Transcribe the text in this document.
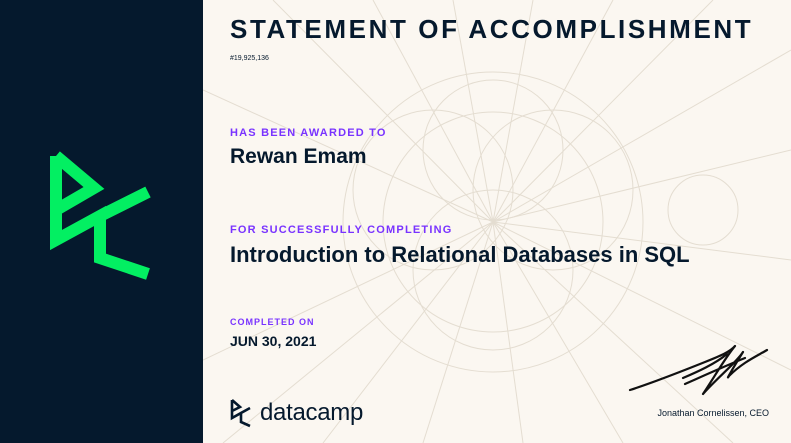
STATEMENT OF ACCOMPLISHMENT
#19,925,136
HAS BEEN AWARDED TO
Rewan Emam
FOR SUCCESSFULLY COMPLETING
Introduction to Relational Databases in SQL
COMPLETED ON
JUN 30, 2021
datacamp	Jonathan Cornelissen, CEO
